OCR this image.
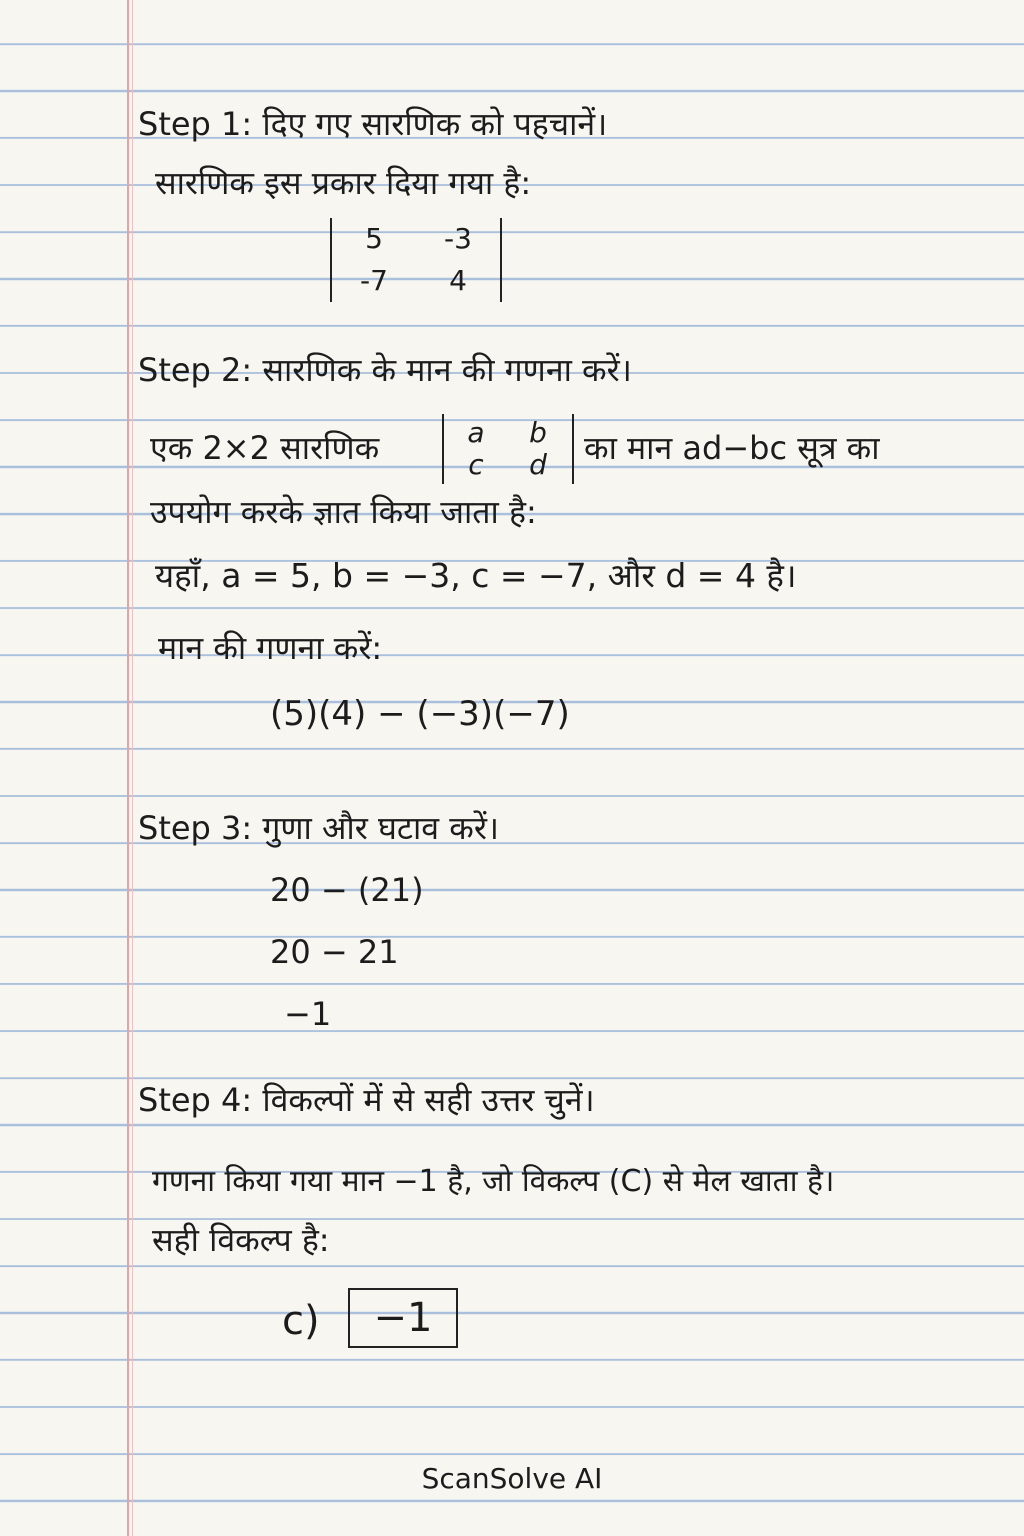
Step 1: दिए गए सारणिक को पहचानें।
सारणिक इस प्रकार दिया गया है:
5	-3
-7	4
Step 2: सारणिक के मान की गणना करें।
एक 2×2 सारणिक	a	b
c	d	का मान ad−bc सूत्र का
उपयोग करके ज्ञात किया जाता है:
यहाँ, a = 5, b = −3, c = −7, और d = 4 है।
मान की गणना करें:
(5)(4) − (−3)(−7)
Step 3: गुणा और घटाव करें।
20 − (21)
20 − 21
−1
Step 4: विकल्पों में से सही उत्तर चुनें।
गणना किया गया मान −1 है, जो विकल्प (C) से मेल खाता है।
सही विकल्प है:
c)	−1
ScanSolve AI
